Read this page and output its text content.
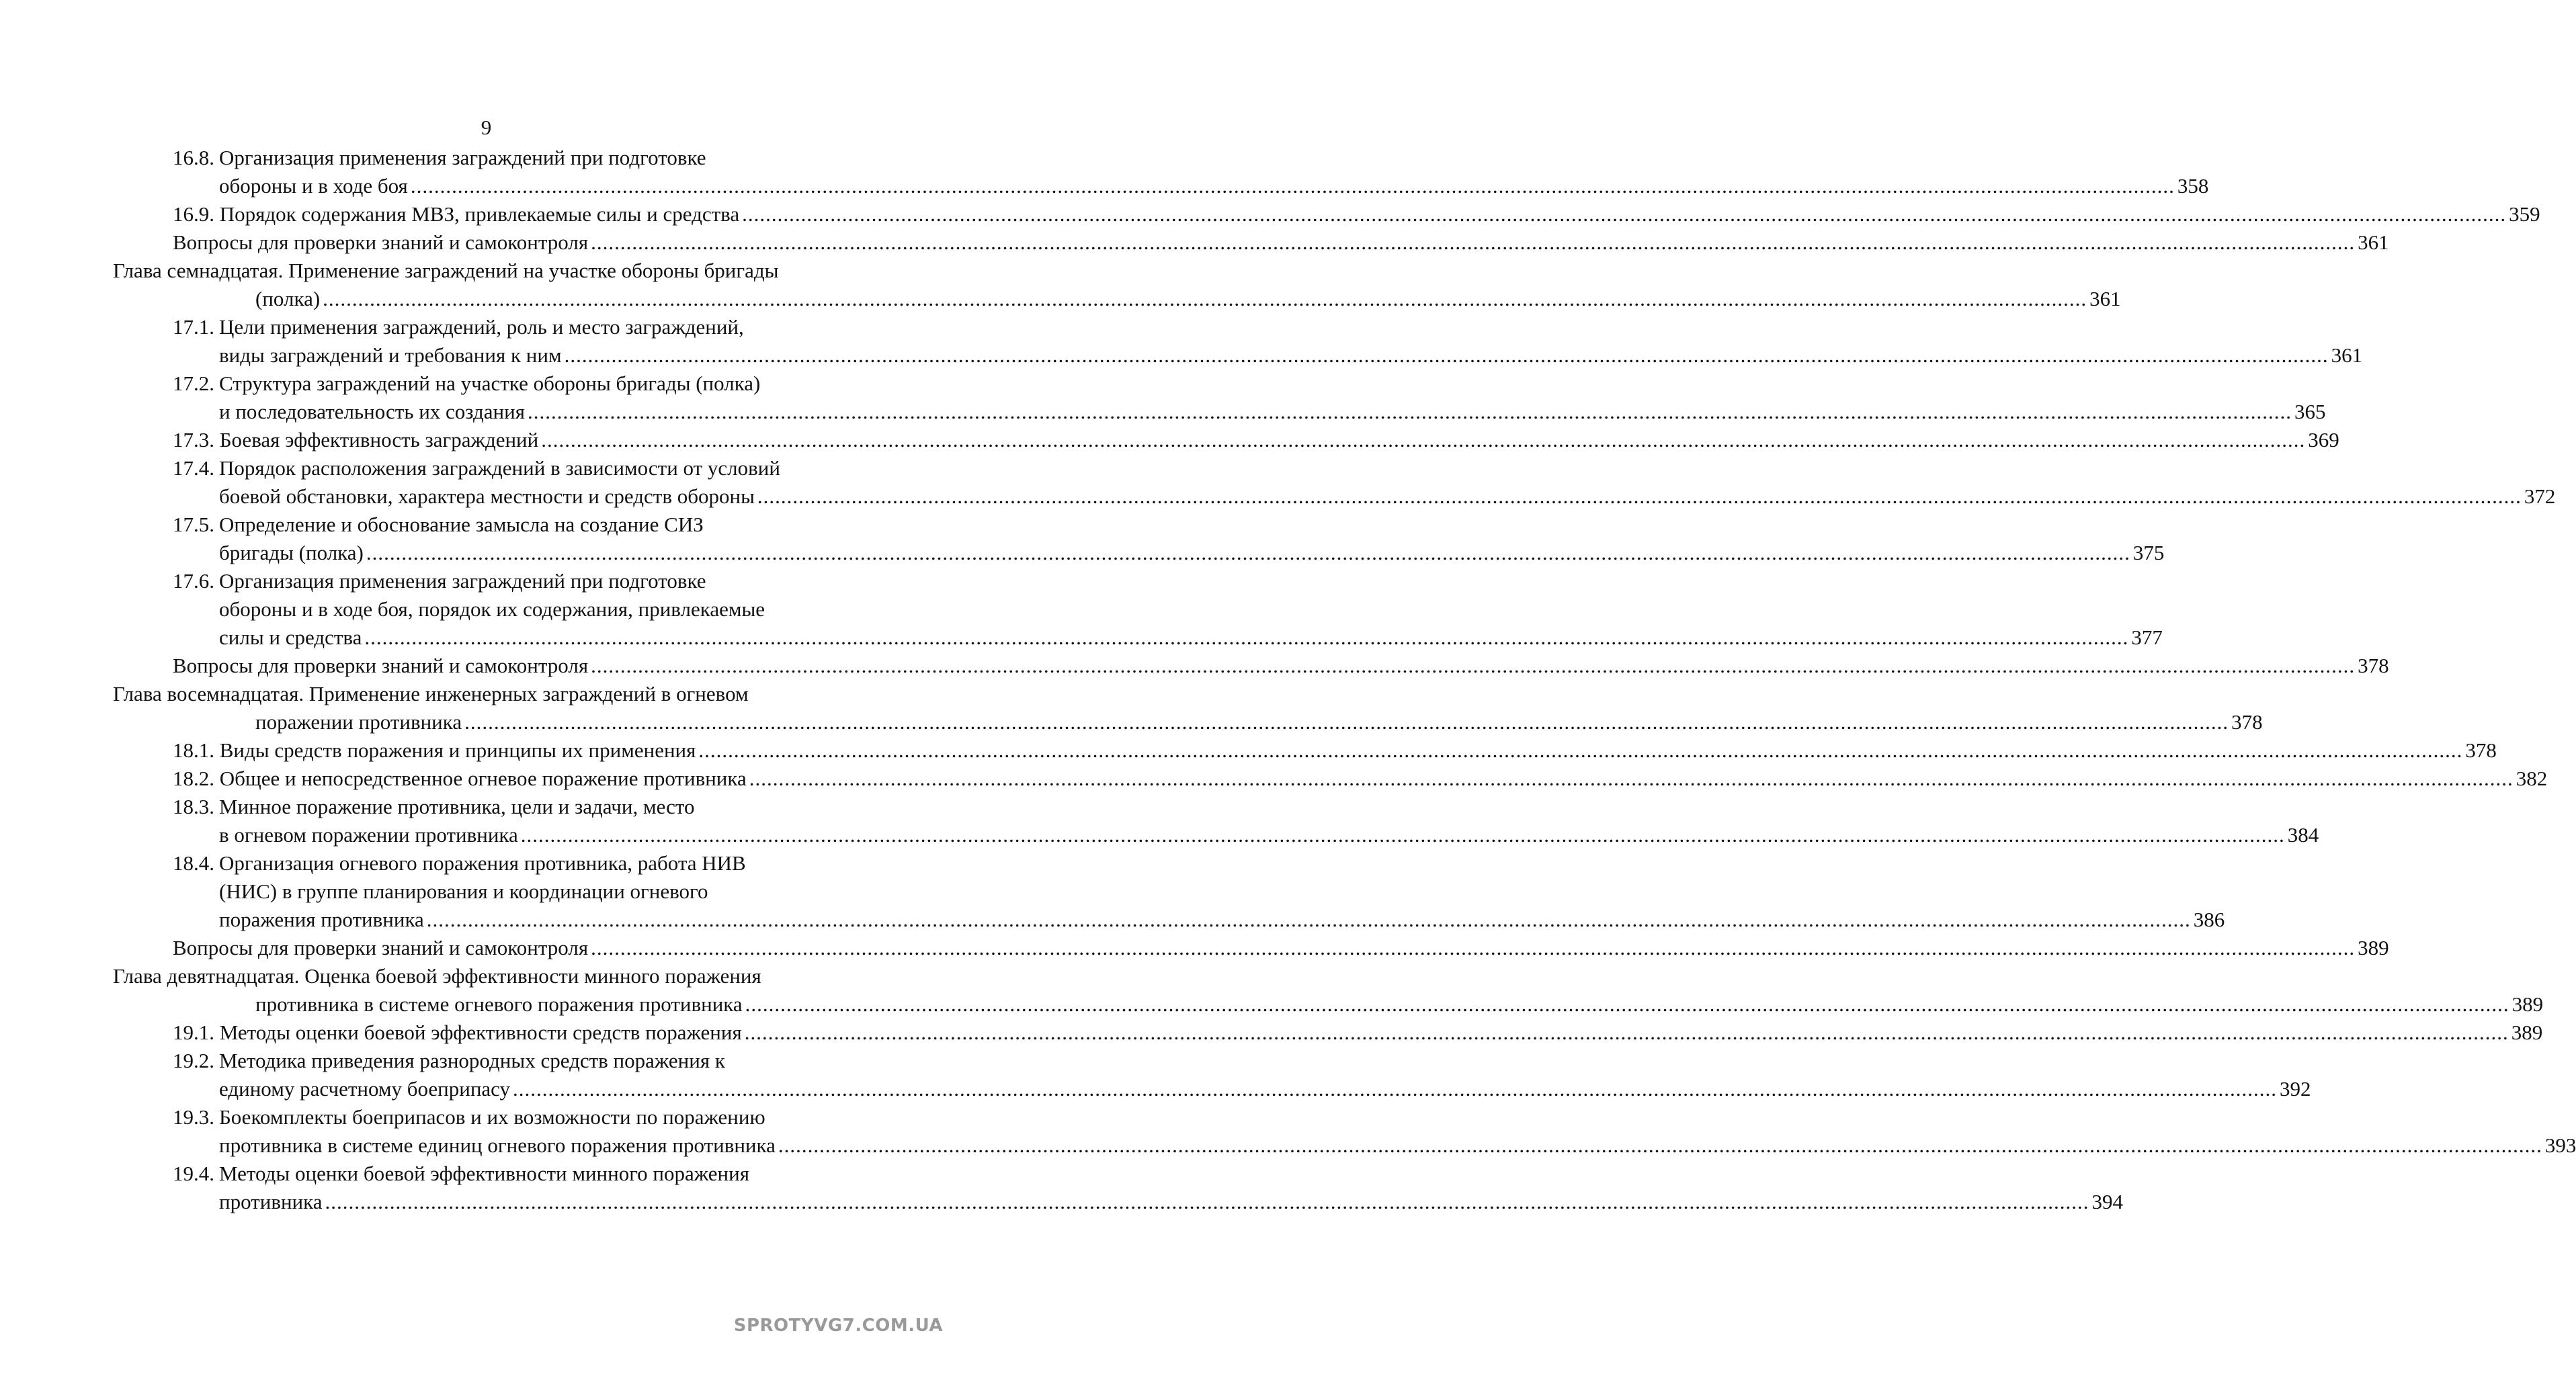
9
16.8. Организация применения заграждений при подготовке
обороны и в ходе боя ............................................................................................................................................................................................................................................................................................................ 358
16.9. Порядок содержания МВЗ, привлекаемые силы и средства ............................................................................................................................................................................................................................................................................................................ 359
Вопросы для проверки знаний и самоконтроля ............................................................................................................................................................................................................................................................................................................ 361
Глава семнадцатая. Применение заграждений на участке обороны бригады
(полка) ............................................................................................................................................................................................................................................................................................................ 361
17.1. Цели применения заграждений, роль и место заграждений,
виды заграждений и требования к ним ............................................................................................................................................................................................................................................................................................................ 361
17.2. Структура заграждений на участке обороны бригады (полка)
и последовательность их создания ............................................................................................................................................................................................................................................................................................................ 365
17.3. Боевая эффективность заграждений ............................................................................................................................................................................................................................................................................................................ 369
17.4. Порядок расположения заграждений в зависимости от условий
боевой обстановки, характера местности и средств обороны ............................................................................................................................................................................................................................................................................................................ 372
17.5. Определение и обоснование замысла на создание СИЗ
бригады (полка) ............................................................................................................................................................................................................................................................................................................ 375
17.6. Организация применения заграждений при подготовке
обороны и в ходе боя, порядок их содержания, привлекаемые
силы и средства ............................................................................................................................................................................................................................................................................................................ 377
Вопросы для проверки знаний и самоконтроля ............................................................................................................................................................................................................................................................................................................ 378
Глава восемнадцатая. Применение инженерных заграждений в огневом
поражении противника ............................................................................................................................................................................................................................................................................................................ 378
18.1. Виды средств поражения и принципы их применения ............................................................................................................................................................................................................................................................................................................ 378
18.2. Общее и непосредственное огневое поражение противника ............................................................................................................................................................................................................................................................................................................ 382
18.3. Минное поражение противника, цели и задачи, место
в огневом поражении противника ............................................................................................................................................................................................................................................................................................................ 384
18.4. Организация огневого поражения противника, работа НИВ
(НИС) в группе планирования и координации огневого
поражения противника ............................................................................................................................................................................................................................................................................................................ 386
Вопросы для проверки знаний и самоконтроля ............................................................................................................................................................................................................................................................................................................ 389
Глава девятнадцатая. Оценка боевой эффективности минного поражения
противника в системе огневого поражения противника ............................................................................................................................................................................................................................................................................................................ 389
19.1. Методы оценки боевой эффективности средств поражения ............................................................................................................................................................................................................................................................................................................ 389
19.2. Методика приведения разнородных средств поражения к
единому расчетному боеприпасу ............................................................................................................................................................................................................................................................................................................ 392
19.3. Боекомплекты боеприпасов и их возможности по поражению
противника в системе единиц огневого поражения противника ............................................................................................................................................................................................................................................................................................................ 393
19.4. Методы оценки боевой эффективности минного поражения
противника ............................................................................................................................................................................................................................................................................................................ 394
SPROTYVG7.COM.UA
